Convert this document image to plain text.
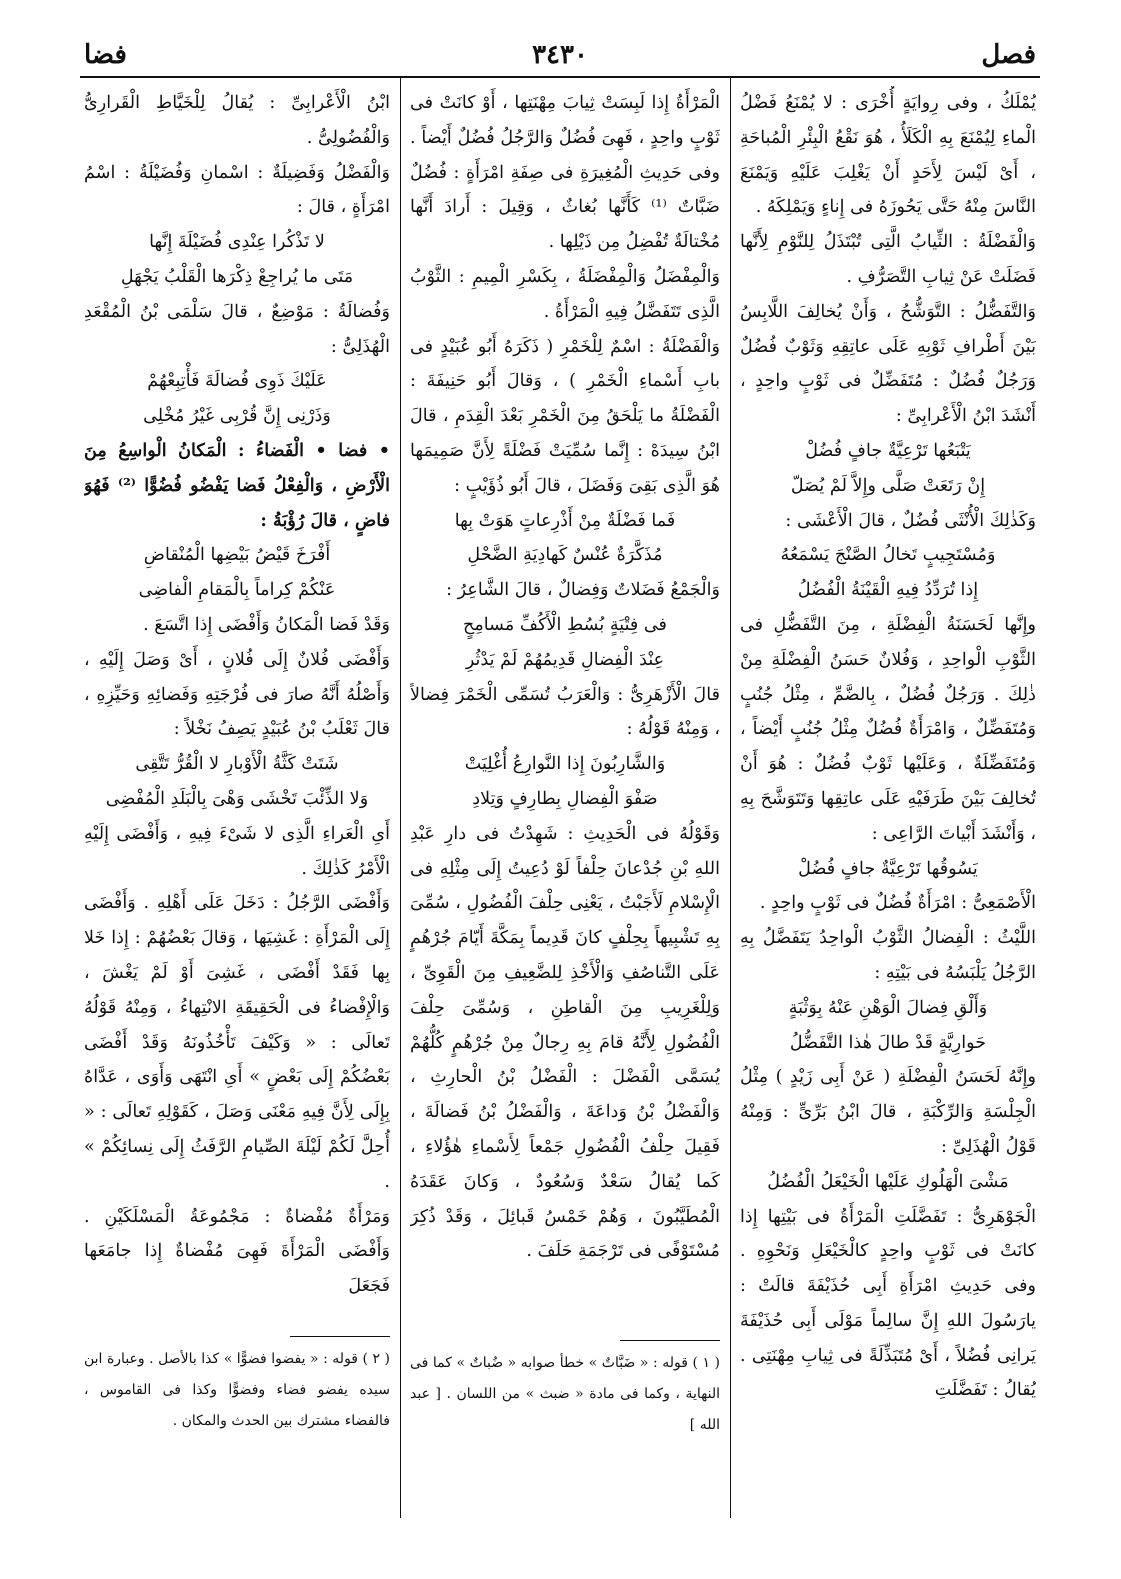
فضا	٣٤٣٠	فصل

يُمْلَكُ ، وفى رِوايَةٍ أُخْرَى : لا يُمْنَعُ فَضْلُ الْماءِ لِيُمْنَعَ بِهِ الْكَلَأُ ، هُوَ نَقْعُ الْبِئْرِ الْمُباحَةِ ، أَىْ لَيْسَ لِأَحَدٍ أَنْ يَغْلِبَ عَلَيْهِ وَيَمْنَعَ النَّاسَ مِنْهُ حَتَّى يَحُوزَهُ فى إِناءٍ وَيَمْلِكَهُ .

وَالْفَضْلَةُ : الثِّيابُ الَّتِى تُبْتَذَلُ لِلنَّوْمِ لِأَنَّها فَضَلَتْ عَنْ ثِيابِ التَّصَرُّفِ .

وَالتَّفَضُّلُ : التَّوَشُّحُ ، وَأَنْ يُخالِفَ اللَّابِسُ بَيْنَ أَطْرافِ ثَوْبِهِ عَلَى عاتِقِهِ وَثَوْبٌ فُضُلٌ وَرَجُلٌ فُضُلٌ : مُتَفَضِّلٌ فى ثَوْبٍ واحِدٍ ، أَنْشَدَ ابْنُ الْأَعْرابِىِّ :

يَتْبَعُها تَرْعِيَّةٌ جافٍ فُضُلْ

إِنْ رَتَعَتْ صَلَّى وإِلاَّ لَمْ يُصَلّ

وَكَذٰلِكَ الْأُنْثَى فُضُلٌ ، قالَ الْأَعْشَى :

وَمُسْتَجِيبٍ تَخالُ الصَّنْجَ يَسْمَعُهُ

إِذا تُرَدِّدُ فِيهِ الْقَيْنَةُ الْفُضُلُ

وإِنَّها لَحَسَنَةُ الْفِضْلَةِ ، مِنَ التَّفَضُّلِ فى الثَّوْبِ الْواحِدِ ، وَفُلانٌ حَسَنُ الْفِضْلَةِ مِنْ ذٰلِكَ . وَرَجُلٌ فُضُلٌ ، بِالضَّمِّ ، مِثْلُ جُنُبٍ وَمُتَفَضِّلٌ ، وَامْرَأَةٌ فُضُلٌ مِثْلُ جُنُبٍ أَيْضاً ، وَمُتَفَضِّلَةٌ ، وَعَلَيْها ثَوْبٌ فُضُلٌ : هُوَ أَنْ تُخالِفَ بَيْنَ طَرَفَيْهِ عَلَى عاتِقِها وَتَتَوَشَّحَ بِهِ ، وَأَنْشَدَ أَبْياتَ الرَّاعِى :

يَسُوقُها تَرْعِيَّةٌ جافٍ فُضُلْ

الْأَصْمَعِىُّ : امْرَأَةٌ فُضُلٌ فى ثَوْبٍ واحِدٍ .

اللَّيْثُ : الْفِضالُ الثَّوْبُ الْواحِدُ يَتَفَضَّلُ بِهِ الرَّجُلُ يَلْبَسُهُ فى بَيْتِهِ :

وَأَلْقِ فِضالَ الْوَهْنِ عَنْهُ بِوَثْبَةٍ

حَوارِيَّةٍ قَدْ طالَ هٰذا التَّفَضُّلُ

وإِنَّهُ لَحَسَنُ الْفِضْلَةِ ( عَنْ أَبِى زَيْدٍ ) مِثْلُ الْجِلْسَةِ وَالرِّكْبَةِ ، قالَ ابْنُ بَرِّىٍّ : وَمِنْهُ قَوْلُ الْهُذَلِىِّ :

مَشْىَ الْهَلُوكِ عَلَيْها الْخَيْعَلُ الْفُضُلُ

الْجَوْهَرِىُّ : تَفَضَّلَتِ الْمَرْأَةُ فى بَيْتِها إِذا كانَتْ فى ثَوْبٍ واحِدٍ كالْخَيْعَلِ وَنَحْوِهِ . وفى حَدِيثِ امْرَأَةِ أَبِى حُذَيْفَةَ قالَتْ : يارَسُولَ اللهِ إِنَّ سالِماً مَوْلَى أَبِى حُذَيْفَةَ يَرانِى فُضُلاً ، أَىْ مُتَبَذِّلَةً فى ثِيابِ مِهْنَتِى . يُقالُ : تَفَضَّلَتِ

الْمَرْأَةُ إِذا لَبِسَتْ ثِيابَ مِهْنَتِها ، أَوْ كانَتْ فى ثَوْبٍ واحِدٍ ، فَهِىَ فُضُلٌ وَالرَّجُلُ فُضُلٌ أَيْضاً . وفى حَدِيثِ الْمُغِيرَةِ فى صِفَةِ امْرَأَةٍ : فُضُلٌ ضَبَّاتٌ ⁽¹⁾ كَأَنَّها بُغاثٌ ، وَقِيلَ : أَرادَ أَنَّها مُخْتالَةٌ تُفْضِلُ مِن ذَيْلِها .

وَالْمِفْضَلُ وَالْمِفْضَلَةُ ، بِكَسْرِ الْمِيمِ : الثَّوْبُ الَّذِى تَتَفَضَّلُ فِيهِ الْمَرْأَةُ .

وَالْفَضْلَةُ : اسْمٌ لِلْخَمْرِ ( ذَكَرَهُ أَبُو عُبَيْدٍ فى بابِ أَسْماءِ الْخَمْرِ ) ، وَقالَ أَبُو حَنِيفَةَ : الْفَضْلَةُ ما يَلْحَقُ مِنَ الْخَمْرِ بَعْدَ الْقِدَمِ ، قالَ ابْنُ سِيدَهْ : إِنَّما سُمِّيَتْ فَضْلَةً لِأَنَّ صَمِيمَها هُوَ الَّذِى بَقِىَ وَفَضَلَ ، قالَ أَبُو ذُؤَيْبٍ :

فَما فَضْلَةٌ مِنْ أَذْرِعاتٍ هَوَتْ بِها

مُذَكَّرَةٌ عُنْسٌ كَهادِيَةِ الضَّحْلِ

وَالْجَمْعُ فَضَلاتٌ وَفِضالٌ ، قالَ الشَّاعِرُ :

فى فِتْيَةٍ بُسُطِ الْأَكُفِّ مَسامِحٍ

عِنْدَ الْفِضالِ قَدِيمُهُمْ لَمْ يَدْثُرِ

قالَ الْأَزْهَرِىُّ : وَالْعَرَبُ تُسَمِّى الْخَمْرَ فِضالاً ، وَمِنْهُ قَوْلُهُ :

وَالشَّارِبُونَ إِذا النَّوارِعُ أُغْلِيَتْ

صَفْوَ الْفِضالِ بِطارِفٍ وَتِلادِ

وَقَوْلُهُ فى الْحَدِيثِ : شَهِدْتُ فى دارِ عَبْدِ اللهِ بْنِ جُدْعانَ حِلْفاً لَوْ دُعِيتُ إِلَى مِثْلِهِ فى الْإِسْلامِ لَأَجَبْتُ ، يَعْنِى حِلْفَ الْفُضُولِ ، سُمِّىَ بِهِ تَشْبِيهاً بِحِلْفٍ كانَ قَدِيماً بِمَكَّةَ أَيّامَ جُرْهُمٍ عَلَى التَّناصُفِ وَالْأَخْذِ لِلضَّعِيفِ مِنَ الْقَوِىِّ ، وَلِلْغَرِيبِ مِنَ الْقاطِنِ ، وَسُمِّىَ حِلْفَ الْفُضُولِ لِأَنَّهُ قامَ بِهِ رِجالٌ مِنْ جُرْهُمٍ كُلُّهُمْ يُسَمَّى الْفَضْلَ : الْفَضْلُ بْنُ الْحارِثِ ، وَالْفَضْلُ بْنُ وَداعَةَ ، وَالْفَضْلُ بْنُ فَضالَةَ ، فَقِيلَ حِلْفُ الْفُضُولِ جَمْعاً لِأَسْماءِ هٰؤُلاءِ ، كَما يُقالُ سَعْدٌ وَسُعُودٌ ، وَكانَ عَقَدَهُ الْمُطَيَّبُونَ ، وَهُمْ خَمْسُ قَبائِلَ ، وَقَدْ ذُكِرَ مُسْتَوْفًى فى تَرْجَمَةِ حَلَفَ .

( ١ ) قوله : « ضَبَّاتٌ » خطأ صوابه « ضُباتٌ » كما فى النهاية ، وكما فى مادة « ضبث » من اللسان . [ عبد الله ]

ابْنُ الْأَعْرابِىِّ : يُقالُ لِلْخَيَّاطِ الْقَرارِىُّ وَالْفُضُولِىُّ .

وَالْفَضْلُ وَفَضِيلَةٌ : اسْمانِ وَفُضَيْلَةُ : اسْمُ امْرَأَةٍ ، قالَ :

لا تَذْكُرا عِنْدِى فُضَيْلَةَ إِنَّها

مَتَى ما يُراجِعْ ذِكْرَها الْقَلْبُ يَجْهَلِ

وَفُضالَةُ : مَوْضِعٌ ، قالَ سَلْمَى بْنُ الْمُقْعَدِ الْهُذَلِىُّ :

عَلَيْكَ ذَوِى فُضالَةَ فَأْتِبِعْهُمْ

وَذَرْنِى إِنَّ قُرْبِى غَيْرُ مُخْلِى

• فضا • الْفَضاءُ : الْمَكانُ الْواسِعُ مِنَ الْأَرْضِ ، وَالْفِعْلُ فَضا يَفْضُو فُضُوًّا ⁽²⁾ فَهُوَ فاضٍ ، قالَ رُؤْبَةُ :

أَفْرَخَ قَيْضُ بَيْضِها الْمُنْقاضِ

عَنْكُمْ كِراماً بِالْمَقامِ الْفاضِى

وَقَدْ فَضا الْمَكانُ وَأَفْضَى إِذا اتَّسَعَ .

وَأَفْضَى فُلانٌ إِلَى فُلانٍ ، أَىْ وَصَلَ إِلَيْهِ ، وَأَصْلُهُ أَنَّهُ صارَ فى فُرْجَتِهِ وَفَضائِهِ وَحَيِّزِهِ ، قالَ ثَعْلَبُ بْنُ عُبَيْدٍ يَصِفُ نَخْلاً :

شَتَتْ كَثَّةُ الْأَوْبارِ لا الْقُرُّ تَتَّقِى

وَلا الذِّئْبَ تَخْشَى وَهْىَ بِالْبَلَدِ الْمُفْضِى

أَىِ الْعَراءِ الَّذِى لا شَىْءَ فِيهِ ، وَأَفْضَى إِلَيْهِ الْأَمْرُ كَذٰلِكَ .

وَأَفْضَى الرَّجُلُ : دَخَلَ عَلَى أَهْلِهِ . وَأَفْضَى إِلَى الْمَرْأَةِ : غَشِيَها ، وَقالَ بَعْضُهُمْ : إِذا خَلا بِها فَقَدْ أَفْضَى ، غَشِىَ أَوْ لَمْ يَغْشَ ، وَالْإِفْضاءُ فى الْحَقِيقَةِ الانْتِهاءُ ، وَمِنْهُ قَوْلُهُ تَعالَى : « وَكَيْفَ تَأْخُذُونَهُ وَقَدْ أَفْضَى بَعْضُكُمْ إِلَى بَعْضٍ » أَىِ انْتَهَى وَأَوَى ، عَدَّاهُ بِإِلَى لِأَنَّ فِيهِ مَعْنَى وَصَلَ ، كَقَوْلِهِ تَعالَى : « أُحِلَّ لَكُمْ لَيْلَةَ الصِّيامِ الرَّفَثُ إِلَى نِسائِكُمْ » .

وَمَرْأَةٌ مُفْضاةٌ : مَجْمُوعَةُ الْمَسْلَكَيْنِ . وَأَفْضَى الْمَرْأَةَ فَهِىَ مُفْضاةٌ إِذا جامَعَها فَجَعَلَ

( ٢ ) قوله : « يفضوا فضوًّا » كذا بالأصل . وعبارة ابن سيده يفضو فضاء وفضوًّا وكذا فى القاموس ، فالفضاء مشترك بين الحدث والمكان .
